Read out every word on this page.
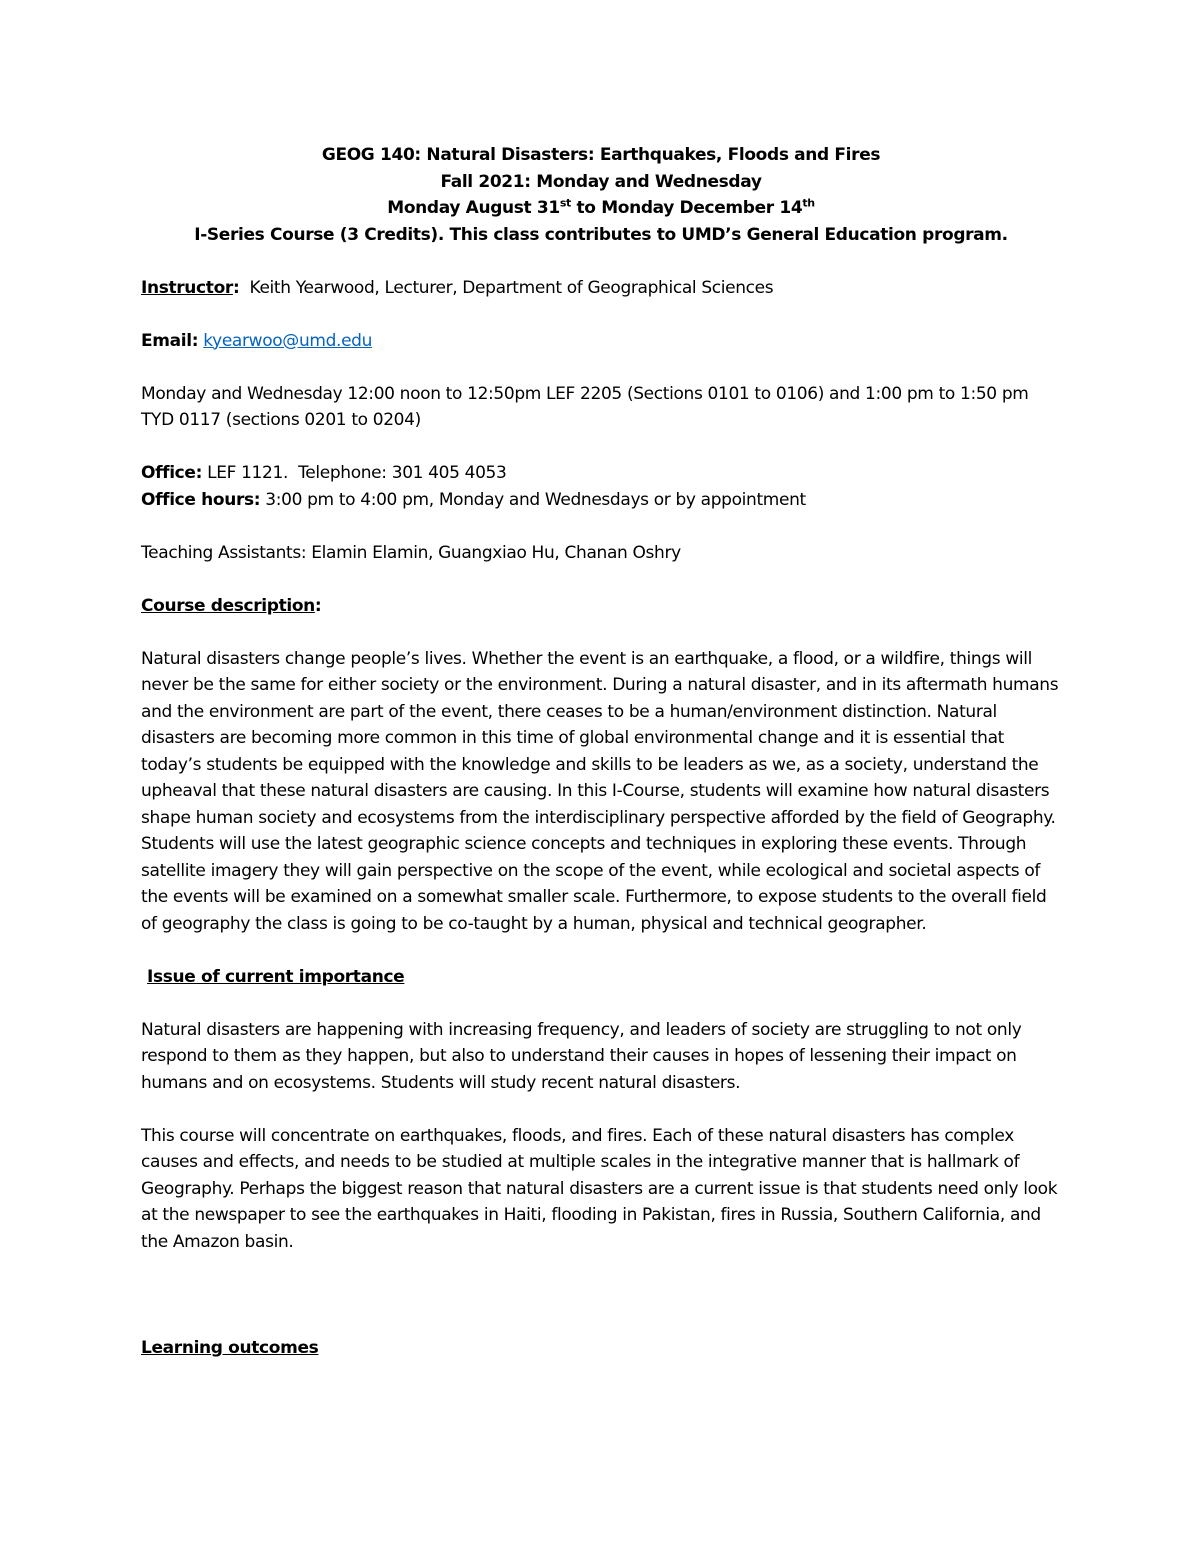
GEOG 140: Natural Disasters: Earthquakes, Floods and Fires

Fall 2021: Monday and Wednesday

Monday August 31st to Monday December 14th

I-Series Course (3 Credits). This class contributes to UMD’s General Education program.

Instructor:  Keith Yearwood, Lecturer, Department of Geographical Sciences

Email: kyearwoo@umd.edu

Monday and Wednesday 12:00 noon to 12:50pm LEF 2205 (Sections 0101 to 0106) and 1:00 pm to 1:50 pm TYD 0117 (sections 0201 to 0204)

Office: LEF 1121.  Telephone: 301 405 4053

Office hours: 3:00 pm to 4:00 pm, Monday and Wednesdays or by appointment

Teaching Assistants: Elamin Elamin, Guangxiao Hu, Chanan Oshry

Course description:

Natural disasters change people’s lives. Whether the event is an earthquake, a flood, or a wildfire, things will never be the same for either society or the environment. During a natural disaster, and in its aftermath humans and the environment are part of the event, there ceases to be a human/environment distinction. Natural disasters are becoming more common in this time of global environmental change and it is essential that today’s students be equipped with the knowledge and skills to be leaders as we, as a society, understand the upheaval that these natural disasters are causing. In this I-Course, students will examine how natural disasters shape human society and ecosystems from the interdisciplinary perspective afforded by the field of Geography. Students will use the latest geographic science concepts and techniques in exploring these events. Through satellite imagery they will gain perspective on the scope of the event, while ecological and societal aspects of the events will be examined on a somewhat smaller scale. Furthermore, to expose students to the overall field of geography the class is going to be co-taught by a human, physical and technical geographer.

Issue of current importance

Natural disasters are happening with increasing frequency, and leaders of society are struggling to not only respond to them as they happen, but also to understand their causes in hopes of lessening their impact on humans and on ecosystems. Students will study recent natural disasters.

This course will concentrate on earthquakes, floods, and fires. Each of these natural disasters has complex causes and effects, and needs to be studied at multiple scales in the integrative manner that is hallmark of Geography. Perhaps the biggest reason that natural disasters are a current issue is that students need only look at the newspaper to see the earthquakes in Haiti, flooding in Pakistan, fires in Russia, Southern California, and the Amazon basin.

Learning outcomes
